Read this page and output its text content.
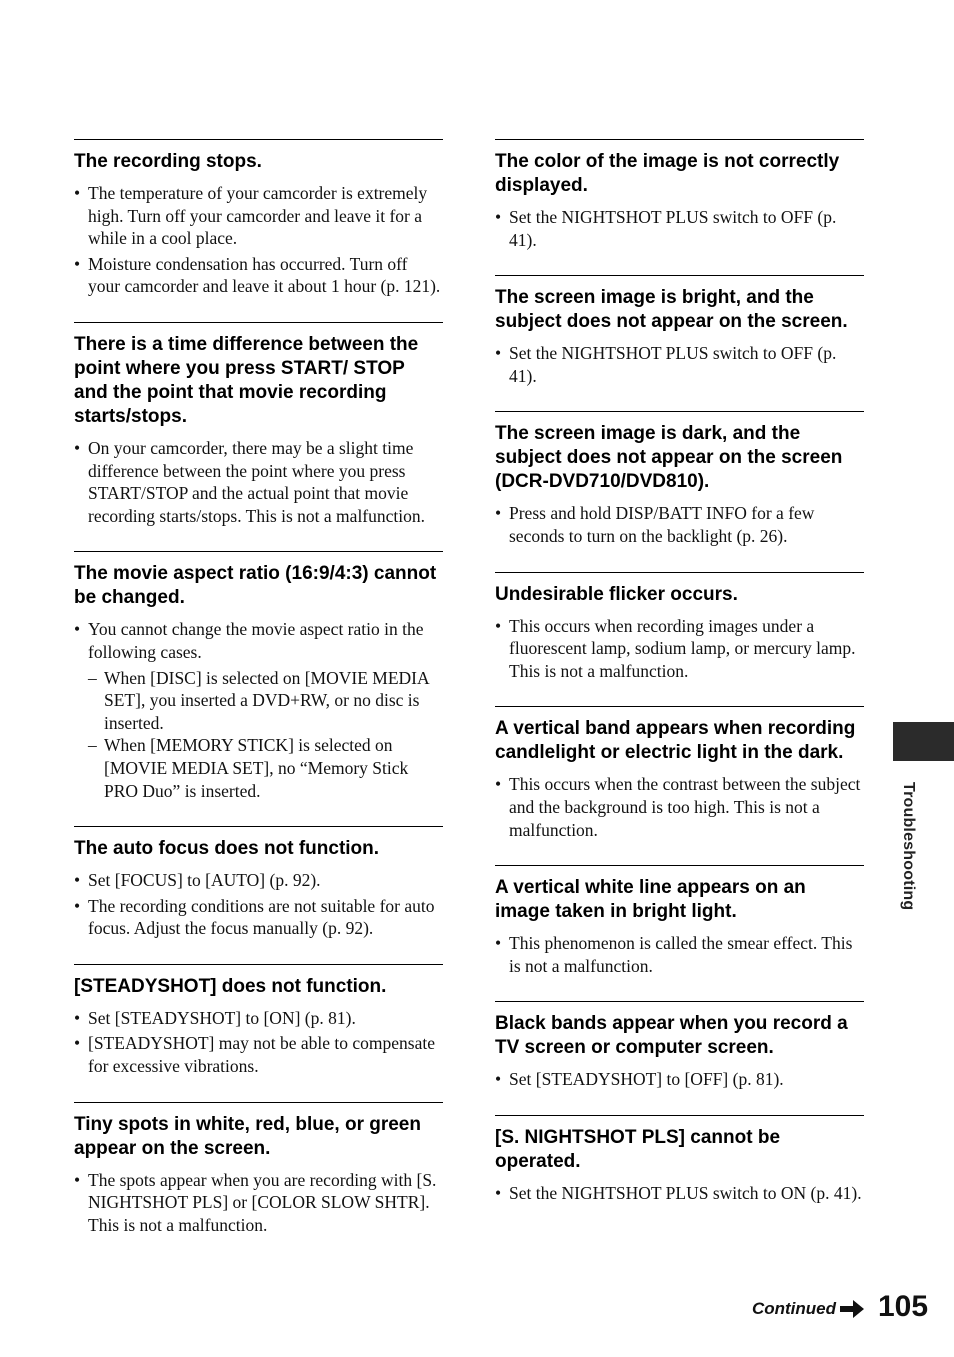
The recording stops.
• The temperature of your camcorder is extremely high. Turn off your camcorder and leave it for a while in a cool place.
• Moisture condensation has occurred. Turn off your camcorder and leave it about 1 hour (p. 121).
There is a time difference between the point where you press START/ STOP and the point that movie recording starts/stops.
• On your camcorder, there may be a slight time difference between the point where you press START/STOP and the actual point that movie recording starts/stops. This is not a malfunction.
The movie aspect ratio (16:9/4:3) cannot be changed.
• You cannot change the movie aspect ratio in the following cases.
– When [DISC] is selected on [MOVIE MEDIA SET], you inserted a DVD+RW, or no disc is inserted.
– When [MEMORY STICK] is selected on [MOVIE MEDIA SET], no “Memory Stick PRO Duo” is inserted.
The auto focus does not function.
• Set [FOCUS] to [AUTO] (p. 92).
• The recording conditions are not suitable for auto focus. Adjust the focus manually (p. 92).
[STEADYSHOT] does not function.
• Set [STEADYSHOT] to [ON] (p. 81).
• [STEADYSHOT] may not be able to compensate for excessive vibrations.
Tiny spots in white, red, blue, or green appear on the screen.
• The spots appear when you are recording with [S. NIGHTSHOT PLS] or [COLOR SLOW SHTR]. This is not a malfunction.
The color of the image is not correctly displayed.
• Set the NIGHTSHOT PLUS switch to OFF (p. 41).
The screen image is bright, and the subject does not appear on the screen.
• Set the NIGHTSHOT PLUS switch to OFF (p. 41).
The screen image is dark, and the subject does not appear on the screen (DCR-DVD710/DVD810).
• Press and hold DISP/BATT INFO for a few seconds to turn on the backlight (p. 26).
Undesirable flicker occurs.
• This occurs when recording images under a fluorescent lamp, sodium lamp, or mercury lamp. This is not a malfunction.
A vertical band appears when recording candlelight or electric light in the dark.
• This occurs when the contrast between the subject and the background is too high. This is not a malfunction.
A vertical white line appears on an image taken in bright light.
• This phenomenon is called the smear effect. This is not a malfunction.
Black bands appear when you record a TV screen or computer screen.
• Set [STEADYSHOT] to [OFF] (p. 81).
[S. NIGHTSHOT PLS] cannot be operated.
• Set the NIGHTSHOT PLUS switch to ON (p. 41).
Troubleshooting
Continued 105
